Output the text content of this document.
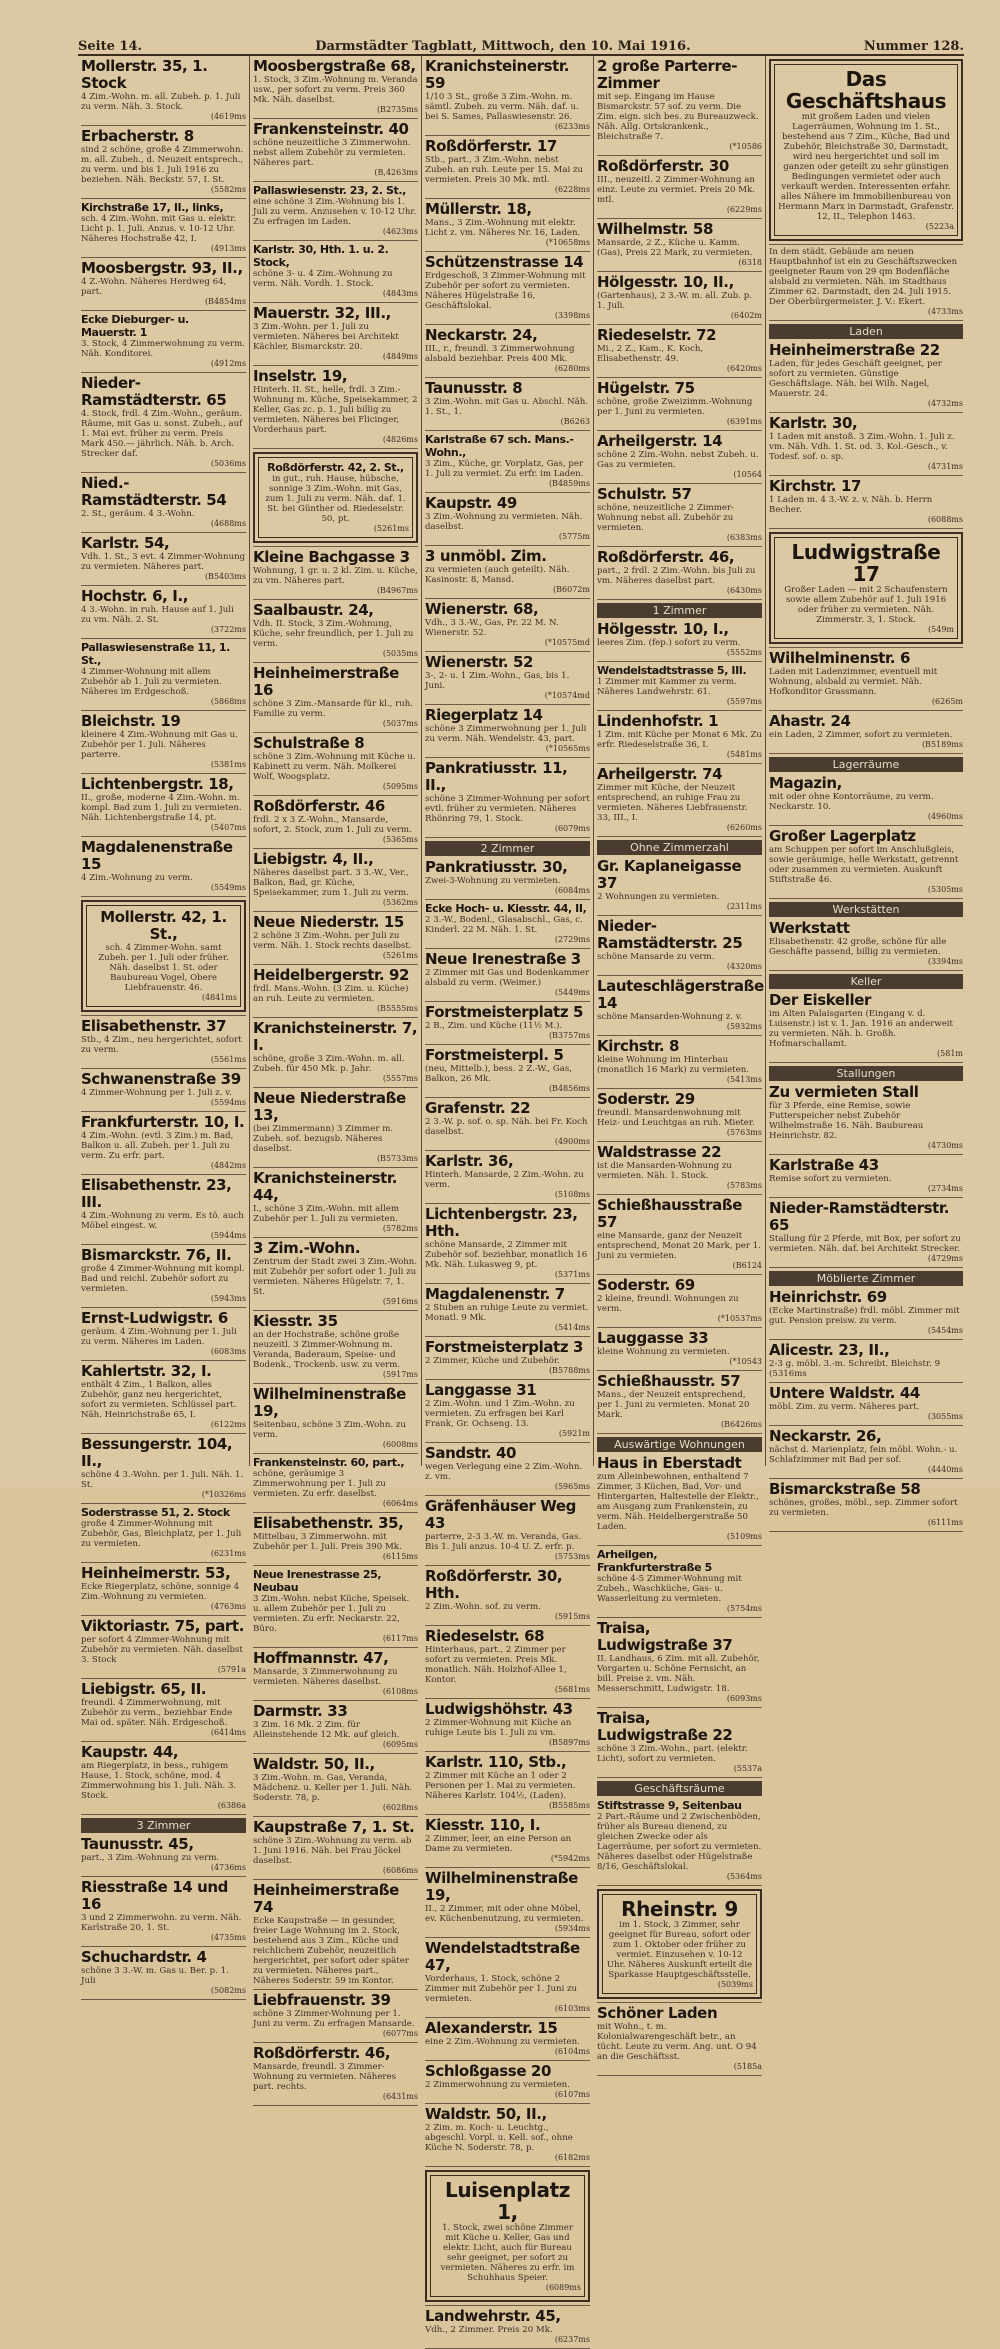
Seite 14.	Darmstädter Tagblatt, Mittwoch, den 10. Mai 1916.	Nummer 128.
Mollerstr. 35, 1. Stock
4 Zim.-Wohn. m. all. Zubeh. p. 1. Juli zu verm. Näh. 3. Stock.
(4619ms
Erbacherstr. 8
sind 2 schöne, große 4 Zimmerwohn. m. all. Zubeh., d. Neuzeit entsprech., zu verm. und bis 1. Juli 1916 zu beziehen. Näh. Beckstr. 57, I. St.
(5582ms
Kirchstraße 17, II., links,
sch. 4 Zim.-Wohn. mit Gas u. elektr. Licht p. 1. Juli. Anzus. v. 10-12 Uhr. Näheres Hochstraße 42, I.
(4913ms
Moosbergstr. 93, II.,
4 Z.-Wohn. Näheres Herdweg 64, part.
(B4854ms
Ecke Dieburger- u. Mauerstr. 1
3. Stock, 4 Zimmerwohnung zu verm. Näh. Konditorei.
(4912ms
Nieder-Ramstädterstr. 65
4. Stock, frdl. 4 Zim.-Wohn., geräum. Räume, mit Gas u. sonst. Zubeh., auf 1. Mai evt. früher zu verm. Preis Mark 450.— jährlich. Näh. b. Arch. Strecker daf.
(5036ms
Nied.-Ramstädterstr. 54
2. St., geräum. 4 3.-Wohn.
(4688ms
Karlstr. 54,
Vdh. 1. St., 3 evt. 4 Zimmer-Wohnung zu vermieten. Näheres part.
(B5403ms
Hochstr. 6, I.,
4 3.-Wohn. in ruh. Hause auf 1. Juli zu vm. Näh. 2. St.
(3722ms
Pallaswiesenstraße 11, 1. St.,
4 Zimmer-Wohnung mit allem Zubehör ab 1. Juli zu vermieten. Näheres im Erdgeschoß.
(5868ms
Bleichstr. 19
kleinere 4 Zim.-Wohnung mit Gas u. Zubehör per 1. Juli. Näheres parterre.
(5381ms
Lichtenbergstr. 18,
II., große, moderne 4 Zim.-Wohn. m. kompl. Bad zum 1. Juli zu vermieten. Näh. Lichtenbergstraße 14, pt.
(5407ms
Magdalenenstraße 15
4 Zim.-Wohnung zu verm.
(5549ms
Mollerstr. 42, 1. St.,
sch. 4 Zimmer-Wohn. samt Zubeh. per 1. Juli oder früher. Näh. daselbst 1. St. oder Baubureau Vogel, Obere Liebfrauenstr. 46.
(4841ms
Elisabethenstr. 37
Stb., 4 Zim., neu hergerichtet, sofort zu verm.
(5561ms
Schwanenstraße 39
4 Zimmer-Wohnung per 1. Juli z. v.
(5594ms
Frankfurterstr. 10, I.
4 Zim.-Wohn. (evtl. 3 Zim.) m. Bad, Balkon u. all. Zubeh. per 1. Juli zu verm. Zu erfr. part.
(4842ms
Elisabethenstr. 23, III.
4 Zim.-Wohnung zu verm. Es tö. auch Möbel eingest. w.
(5944ms
Bismarckstr. 76, II.
große 4 Zimmer-Wohnung mit kompl. Bad und reichl. Zubehör sofort zu vermieten.
(5943ms
Ernst-Ludwigstr. 6
geräum. 4 Zim.-Wohnung per 1. Juli zu verm. Näheres im Laden.
(6083ms
Kahlertstr. 32, I.
enthält 4 Zim., 1 Balkon, alles Zubehör, ganz neu hergerichtet, sofort zu vermieten. Schlüssel part. Näh. Heinrichstraße 65, I.
(6122ms
Bessungerstr. 104, II.,
schöne 4 3.-Wohn. per 1. Juli. Näh. 1. St.
(*10326ms
Soderstrasse 51, 2. Stock
große 4 Zimmer-Wohnung mit Zubehör, Gas, Bleichplatz, per 1. Juli zu vermieten.
(6231ms
Heinheimerstr. 53,
Ecke Riegerplatz, schöne, sonnige 4 Zim.-Wohnung zu vermieten.
(4763ms
Viktoriastr. 75, part.
per sofort 4 Zimmer-Wohnung mit Zubehör zu vermieten. Näh. daselbst 3. Stock
(5791a
Liebigstr. 65, II.
freundl. 4 Zimmerwohnung, mit Zubehör zu verm., beziehbar Ende Mai od. später. Näh. Erdgeschoß.
(6414ms
Kaupstr. 44,
am Riegerplatz, in bess., ruhigem Hause, 1. Stock, schöne, mod. 4 Zimmerwohnung bis 1. Juli. Näh. 3. Stock.
(6386a
3 Zimmer
Taunusstr. 45,
part., 3 Zim.-Wohnung zu verm.
(4736ms
Riesstraße 14 und 16
3 und 2 Zimmerwohn. zu verm. Näh. Karlstraße 20, 1. St.
(4735ms
Schuchardstr. 4
schöne 3 3.-W. m. Gas u. Ber. p. 1. Juli
(5082ms
Moosbergstraße 68,
1. Stock, 3 Zim.-Wohnung m. Veranda usw., per sofort zu verm. Preis 360 Mk. Näh. daselbst.
(B2735ms
Frankensteinstr. 40
schöne neuzeitliche 3 Zimmerwohn. nebst allem Zubehör zu vermieten. Näheres part.
(B,4263ms
Pallaswiesenstr. 23, 2. St.,
eine schöne 3 Zim.-Wohnung bis 1. Juli zu verm. Anzusehen v. 10-12 Uhr. Zu erfragen im Laden.
(4623ms
Karlstr. 30, Hth. 1. u. 2. Stock,
schöne 3- u. 4 Zim.-Wohnung zu verm. Näh. Vordh. 1. Stock.
(4843ms
Mauerstr. 32, III.,
3 Zim.-Wohn. per 1. Juli zu vermieten. Näheres bei Architekt Kächler, Bismarckstr. 20.
(4849ms
Inselstr. 19,
Hinterh. II. St., helle, frdl. 3 Zim.-Wohnung m. Küche, Speisekammer, 2 Keller, Gas zc. p. 1. Juli billig zu vermieten. Näheres bei Flicinger, Vorderhaus part.
(4826ms
Roßdörferstr. 42, 2. St.,
in gut., ruh. Hause, hübsche, sonnige 3 Zim.-Wohn. mit Gas, zum 1. Juli zu verm. Näh. daf. 1. St. bei Günther od. Riedeselstr. 50, pt.
(5261ms
Kleine Bachgasse 3
Wohnung, 1 gr. u. 2 kl. Zim. u. Küche, zu vm. Näheres part.
(B4967ms
Saalbaustr. 24,
Vdh. II. Stock, 3 Zim.-Wohnung, Küche, sehr freundlich, per 1. Juli zu verm.
(5035ms
Heinheimerstraße 16
schöne 3 Zim.-Mansarde für kl., ruh. Familie zu verm.
(5037ms
Schulstraße 8
schöne 3 Zim.-Wohnung mit Küche u. Kabinett zu verm. Näh. Molkerei Wolf, Woogsplatz.
(5095ms
Roßdörferstr. 46
frdl. 2 x 3 Z.-Wohn., Mansarde, sofort, 2. Stock, zum 1. Juli zu verm.
(5365ms
Liebigstr. 4, II.,
Näheres daselbst part. 3 3.-W., Ver., Balkon, Bad, gr. Küche, Speisekammer, zum 1. Juli zu verm.
(5362ms
Neue Niederstr. 15
2 schöne 3 Zim.-Wohn. per Juli zu verm. Näh. 1. Stock rechts daselbst.
(5261ms
Heidelbergerstr. 92
frdl. Mans.-Wohn. (3 Zim. u. Küche) an ruh. Leute zu vermieten.
(B5555ms
Kranichsteinerstr. 7, I.
schöne, große 3 Zim.-Wohn. m. all. Zubeh. für 450 Mk. p. Jahr.
(5557ms
Neue Niederstraße 13,
(bei Zimmermann) 3 Zimmer m. Zubeh. sof. bezugsb. Näheres daselbst.
(B5733ms
Kranichsteinerstr. 44,
I., schöne 3 Zim.-Wohn. mit allem Zubehör per 1. Juli zu vermieten.
(5782ms
3 Zim.-Wohn.
Zentrum der Stadt zwei 3 Zim.-Wohn. mit Zubehör per sofort oder 1. Juli zu vermieten. Näheres Hügelstr. 7, 1. St.
(5916ms
Kiesstr. 35
an der Hochstraße, schöne große neuzeitl. 3 Zimmer-Wohnung m. Veranda, Baderaum, Speise- und Bodenk., Trockenb. usw. zu verm.
(5917ms
Wilhelminenstraße 19,
Seitenbau, schöne 3 Zim.-Wohn. zu verm.
(6008ms
Frankensteinstr. 60, part.,
schöne, geräumige 3 Zimmerwohnung per 1. Juli zu vermieten. Zu erfr. daselbst.
(6064ms
Elisabethenstr. 35,
Mittelbau, 3 Zimmerwohn. mit Zubehör per 1. Juli. Preis 390 Mk.
(6115ms
Neue Irenestrasse 25, Neubau
3 Zim.-Wohn. nebst Küche, Speisek. u. allem Zubehör per 1. Juli zu vermieten. Zu erfr. Neckarstr. 22, Büro.
(6117ms
Hoffmannstr. 47,
Mansarde, 3 Zimmerwohnung zu vermieten. Näheres daselbst.
(6108ms
Darmstr. 33
3 Zim. 16 Mk. 2 Zim. für Alleinstehende 12 Mk. auf gleich.
(6095ms
Waldstr. 50, II.,
3 Zim.-Wohn. m. Gas, Veranda, Mädchenz. u. Keller per 1. Juli. Näh. Soderstr. 78, p.
(6028ms
Kaupstraße 7, 1. St.
schöne 3 Zim.-Wohnung zu verm. ab 1. Juni 1916. Näh. bei Frau Jöckel daselbst.
(6086ms
Heinheimerstraße 74
Ecke Kaupstraße — in gesunder, freier Lage Wohnung im 2. Stock, bestehend aus 3 Zim., Küche und reichlichem Zubehör, neuzeitlich hergerichtet, per sofort oder später zu vermieten. Näheres part., Näheres Soderstr. 59 im Kontor.
Liebfrauenstr. 39
schöne 3 Zimmer-Wohnung per 1. Juni zu verm. Zu erfragen Mansarde.
(6077ms
Roßdörferstr. 46,
Mansarde, freundl. 3 Zimmer-Wohnung zu vermieten. Näheres part. rechts.
(6431ms
Kranichsteinerstr. 59
1/10 3 St., große 3 Zim.-Wohn. m. sämtl. Zubeh. zu verm. Näh. daf. u. bei S. Sames, Pallaswiesenstr. 26.
(6233ms
Roßdörferstr. 17
Stb., part., 3 Zim.-Wohn. nebst Zubeh. an ruh. Leute per 15. Mai zu vermieten. Preis 30 Mk. mtl.
(6228ms
Müllerstr. 18,
Mans., 3 Zim.-Wohnung mit elektr. Licht z. vm. Näheres Nr. 16, Laden.
(*10658ms
Schützenstrasse 14
Erdgeschoß, 3 Zimmer-Wohnung mit Zubehör per sofort zu vermieten. Näheres Hügelstraße 16, Geschäftslokal.
(3398ms
Neckarstr. 24,
III., r., freundl. 3 Zimmerwohnung alsbald beziehbar. Preis 400 Mk.
(6280ms
Taunusstr. 8
3 Zim.-Wohn. mit Gas u. Abschl. Näh. 1. St., 1.
(B6263
Karlstraße 67 sch. Mans.-Wohn.,
3 Zim., Küche, gr. Vorplatz, Gas, per 1. Juli zu vermiet. Zu erfr. im Laden.
(B4859ms
Kaupstr. 49
3 Zim.-Wohnung zu vermieten. Näh. daselbst.
(5775m
3 unmöbl. Zim.
zu vermieten (auch geteilt). Näh. Kasinostr. 8, Mansd.
(B6072m
Wienerstr. 68,
Vdh., 3 3.-W., Gas, Pr. 22 M. N. Wienerstr. 52.
(*10575md
Wienerstr. 52
3-, 2- u. 1 Zim.-Wohn., Gas, bis 1. Juni.
(*10574md
Riegerplatz 14
schöne 3 Zimmerwohnung per 1. Juli zu verm. Näh. Wendelstr. 43, part.
(*10565ms
Pankratiusstr. 11, II.,
schöne 3 Zimmer-Wohnung per sofort evtl. früher zu vermieten. Näheres Rhönring 79, 1. Stock.
(6079ms
2 Zimmer
Pankratiusstr. 30,
Zwei-3-Wohnung zu vermieten.
(6084ms
Ecke Hoch- u. Kiesstr. 44, II,
2 3.-W., Bodenl., Glasabschl., Gas, c. Kinderl. 22 M. Näh. 1. St.
(2729ms
Neue Irenestraße 3
2 Zimmer mit Gas und Bodenkammer alsbald zu verm. (Weimer.)
(5449ms
Forstmeisterplatz 5
2 B., Zim. und Küche (11½ M.).
(B3757ms
Forstmeisterpl. 5
(neu, Mittelb.), bess. 2 Z.-W., Gas, Balkon, 26 Mk.
(B4856ms
Grafenstr. 22
2 3.-W. p. sof. o. sp. Näh. bei Fr. Koch daselbst.
(4900ms
Karlstr. 36,
Hinterh. Mansarde, 2 Zim.-Wohn. zu verm.
(5108ms
Lichtenbergstr. 23, Hth.
schöne Mansarde, 2 Zimmer mit Zubehör sof. beziehbar, monatlich 16 Mk. Näh. Lukasweg 9, pt.
(5371ms
Magdalenenstr. 7
2 Stuben an ruhige Leute zu vermiet. Monatl. 9 Mk.
(5414ms
Forstmeisterplatz 3
2 Zimmer, Küche und Zubehör.
(B5788ms
Langgasse 31
2 Zim.-Wohn. und 1 Zim.-Wohn. zu vermieten. Zu erfragen bei Karl Frank, Gr. Ochseng. 13.
(5921m
Sandstr. 40
wegen Verlegung eine 2 Zim.-Wohn. z. vm.
(5965ms
Gräfenhäuser Weg 43
parterre, 2-3 3.-W. m. Veranda, Gas. Bis 1. Juli anzus. 10-4 U. Z. erfr. p.
(5753ms
Roßdörferstr. 30, Hth.
2 Zim.-Wohn. sof. zu verm.
(5915ms
Riedeselstr. 68
Hinterhaus, part., 2 Zimmer per sofort zu vermieten. Preis Mk. monatlich. Näh. Holzhof-Allee 1, Kontor.
(5681ms
Ludwigshöhstr. 43
2 Zimmer-Wohnung mit Küche an ruhige Leute bis 1. Juli zu vm.
(B5897ms
Karlstr. 110, Stb.,
2 Zimmer mit Küche an 1 oder 2 Personen per 1. Mai zu vermieten. Näheres Karlstr. 104½, (Laden).
(B5585ms
Kiesstr. 110, I.
2 Zimmer, leer, an eine Person an Dame zu vermieten.
(*5942ms
Wilhelminenstraße 19,
II., 2 Zimmer, mit oder ohne Möbel, ev. Küchenbenutzung, zu vermieten.
(5934ms
Wendelstadtstraße 47,
Vorderhaus, 1. Stock, schöne 2 Zimmer mit Zubehör per 1. Juni zu vermieten.
(6103ms
Alexanderstr. 15
eine 2 Zim.-Wohnung zu vermieten.
(6104ms
Schloßgasse 20
2 Zimmerwohnung zu vermieten.
(6107ms
Waldstr. 50, II.,
2 Zim. m. Koch- u. Leuchtg., abgeschl. Vorpl. u. Kell. sof., ohne Küche N. Soderstr. 78, p.
(6182ms
Luisenplatz 1,
1. Stock, zwei schöne Zimmer mit Küche u. Keller, Gas und elektr. Licht, auch für Bureau sehr geeignet, per sofort zu vermieten. Näheres zu erfr. im Schuhhaus Speier.
(6089ms
Landwehrstr. 45,
Vdh., 2 Zimmer. Preis 20 Mk.
(6237ms
2 große Parterre-Zimmer
mit sep. Eingang im Hause Bismarckstr. 57 sof. zu verm. Die Zim. eign. sich bes. zu Bureauzweck. Näh. Allg. Ortskrankenk., Bleichstraße 7.
(*10586
Roßdörferstr. 30
III., neuzeitl. 2 Zimmer-Wohnung an einz. Leute zu vermiet. Preis 20 Mk. mtl.
(6229ms
Wilhelmstr. 58
Mansarde, 2 Z., Küche u. Kamm. (Gas), Preis 22 Mark, zu vermieten.
(6318
Hölgesstr. 10, II.,
(Gartenhaus), 2 3.-W. m. all. Zub. p. 1. Juli.
(6402m
Riedeselstr. 72
Mi., 2 Z., Kam., K. Koch, Elisabethenstr. 49.
(6420ms
Hügelstr. 75
schöne, große Zweizimm.-Wohnung per 1. Juni zu vermieten.
(6391ms
Arheilgerstr. 14
schöne 2 Zim.-Wohn. nebst Zubeh. u. Gas zu vermieten.
(10564
Schulstr. 57
schöne, neuzeitliche 2 Zimmer-Wohnung nebst all. Zubehör zu vermieten.
(6383ms
Roßdörferstr. 46,
part., 2 frdl. 2 Zim.-Wohn. bis Juli zu vm. Näheres daselbst part.
(6430ms
1 Zimmer
Hölgesstr. 10, I.,
leeres Zim. (fep.) sofort zu verm.
(5552ms
Wendelstadtstrasse 5, III.
1 Zimmer mit Kammer zu verm. Näheres Landwehrstr. 61.
(5597ms
Lindenhofstr. 1
1 Zim. mit Küche per Monat 6 Mk. Zu erfr. Riedeselstraße 36, I.
(5481ms
Arheilgerstr. 74
Zimmer mit Küche, der Neuzeit entsprechend, an ruhige Frau zu vermieten. Näheres Liebfrauenstr. 33, III., I.
(6260ms
Ohne Zimmerzahl
Gr. Kaplaneigasse 37
2 Wohnungen zu vermieten.
(2311ms
Nieder-Ramstädterstr. 25
schöne Mansarde zu verm.
(4320ms
Lauteschlägerstraße 14
schöne Mansarden-Wohnung z. v.
(5932ms
Kirchstr. 8
kleine Wohnung im Hinterbau (monatlich 16 Mark) zu vermieten.
(5413ms
Soderstr. 29
freundl. Mansardenwohnung mit Heiz- und Leuchtgas an ruh. Mieter.
(5763ms
Waldstrasse 22
ist die Mansarden-Wohnung zu vermieten. Näh. 1. Stock.
(5783ms
Schießhausstraße 57
eine Mansarde, ganz der Neuzeit entsprechend, Monat 20 Mark, per 1. Juni zu vermieten.
(B6124
Soderstr. 69
2 kleine, freundl. Wohnungen zu verm.
(*10537ms
Lauggasse 33
kleine Wohnung zu vermieten.
(*10543
Schießhausstr. 57
Mans., der Neuzeit entsprechend, per 1. Juni zu vermieten. Monat 20 Mark.
(B6426ms
Auswärtige Wohnungen
Haus in Eberstadt
zum Alleinbewohnen, enthaltend 7 Zimmer, 3 Küchen, Bad, Vor- und Hintergarten, Haltestelle der Elektr., am Ausgang zum Frankenstein, zu verm. Näh. Heidelbergerstraße 50 Laden.
(5109ms
Arheilgen, Frankfurterstraße 5
schöne 4-5 Zimmer-Wohnung mit Zubeh., Waschküche, Gas- u. Wasserleitung zu vermieten.
(5754ms
Traisa, Ludwigstraße 37
II. Landhaus, 6 Zim. mit all. Zubehör, Vorgarten u. Schöne Fernsicht, an bill. Preise z. vm. Näh. Messerschmitt, Ludwigstr. 18.
(6093ms
Traisa, Ludwigstraße 22
schöne 3 Zim.-Wohn., part. (elektr. Licht), sofort zu vermieten.
(5537a
Geschäftsräume
Stiftstrasse 9, Seitenbau
2 Part.-Räume und 2 Zwischenböden, früher als Bureau dienend, zu gleichen Zwecke oder als Lagerräume, per sofort zu vermieten. Näheres daselbst oder Hügelstraße 8/16, Geschäftslokal.
(5364ms
Rheinstr. 9
im 1. Stock, 3 Zimmer, sehr geeignet für Bureau, sofort oder zum 1. Oktober oder früher zu vermiet. Einzusehen v. 10-12 Uhr. Näheres Auskunft erteilt die Sparkasse Hauptgeschäftsstelle.
(5039ms
Schöner Laden
mit Wohn., t. m. Kolonialwarengeschäft betr., an tücht. Leute zu verm. Ang. unt. O 94 an die Geschäftsst.
(5185a
Das Geschäftshaus
mit großem Laden und vielen Lagerräumen, Wohnung im 1. St., bestehend aus 7 Zim., Küche, Bad und Zubehör, Bleichstraße 30, Darmstadt, wird neu hergerichtet und soll im ganzen oder geteilt zu sehr günstigen Bedingungen vermietet oder auch verkauft werden. Interessenten erfahr. alles Nähere im Immobilienbureau von Hermann Marx in Darmstadt, Grafenstr. 12, II., Telephon 1463.
(5223a
In dem städt. Gebäude am neuen Hauptbahnhof ist ein zu Geschäftszwecken geeigneter Raum von 29 qm Bodenfläche alsbald zu vermieten. Näh. im Stadthaus Zimmer 62. Darmstadt, den 24. Juli 1915. Der Oberbürgermeister. J. V.: Ekert.
(4733ms
Laden
Heinheimerstraße 22
Laden, für jedes Geschäft geeignet, per sofort zu vermieten. Günstige Geschäftslage. Näh. bei Wilh. Nagel, Mauerstr. 24.
(4732ms
Karlstr. 30,
1 Laden mit anstoß. 3 Zim.-Wohn. 1. Juli z. vm. Näh. Vdh. 1. St. od. 3. Kol.-Gesch., v. Todesf. sof. o. sp.
(4731ms
Kirchstr. 17
1 Laden m. 4 3.-W. z. v. Näh. b. Herrn Becher.
(6088ms
Ludwigstraße 17
Großer Laden — mit 2 Schaufenstern sowie allem Zubehör auf 1. Juli 1916 oder früher zu vermieten. Näh. Zimmerstr. 3, 1. Stock.
(549m
Wilhelminenstr. 6
Laden mit Ladenzimmer, eventuell mit Wohnung, alsbald zu vermiet. Näh. Hofkonditor Grassmann.
(6265m
Ahastr. 24
ein Laden, 2 Zimmer, sofort zu vermieten.
(B5189ms
Lagerräume
Magazin,
mit oder ohne Kontorräume, zu verm. Neckarstr. 10.
(4960ms
Großer Lagerplatz
am Schuppen per sofort im Anschlußgleis, sowie geräumige, helle Werkstatt, getrennt oder zusammen zu vermieten. Auskunft Stiftstraße 46.
(5305ms
Werkstätten
Werkstatt
Elisabethenstr. 42 große, schöne für alle Geschäfte passend, billig zu vermieten.
(3394ms
Keller
Der Eiskeller
im Alten Palaisgarten (Eingang v. d. Luisenstr.) ist v. 1. Jan. 1916 an anderweit zu vermieten. Näh. b. Großh. Hofmarschallamt.
(581m
Stallungen
Zu vermieten Stall
für 3 Pferde, eine Remise, sowie Futterspeicher nebst Zubehör Wilhelmstraße 16. Näh. Baubureau Heinrichstr. 82.
(4730ms
Karlstraße 43
Remise sofort zu vermieten.
(2734ms
Nieder-Ramstädterstr. 65
Stallung für 2 Pferde, mit Box, per sofort zu vermieten. Näh. daf. bei Architekt Strecker.
(4729ms
Möblierte Zimmer
Heinrichstr. 69
(Ecke Martinstraße) frdl. möbl. Zimmer mit gut. Pension preisw. zu verm.
(5454ms
Alicestr. 23, II.,
2-3 g. möbl. 3.-m. Schreibt. Bleichstr. 9 (5316ms
Untere Waldstr. 44
möbl. Zim. zu verm. Näheres part.
(3055ms
Neckarstr. 26,
nächst d. Marienplatz, fein möbl. Wohn.- u. Schlafzimmer mit Bad per sof.
(4440ms
Bismarckstraße 58
schönes, großes, möbl., sep. Zimmer sofort zu vermieten.
(6111ms
